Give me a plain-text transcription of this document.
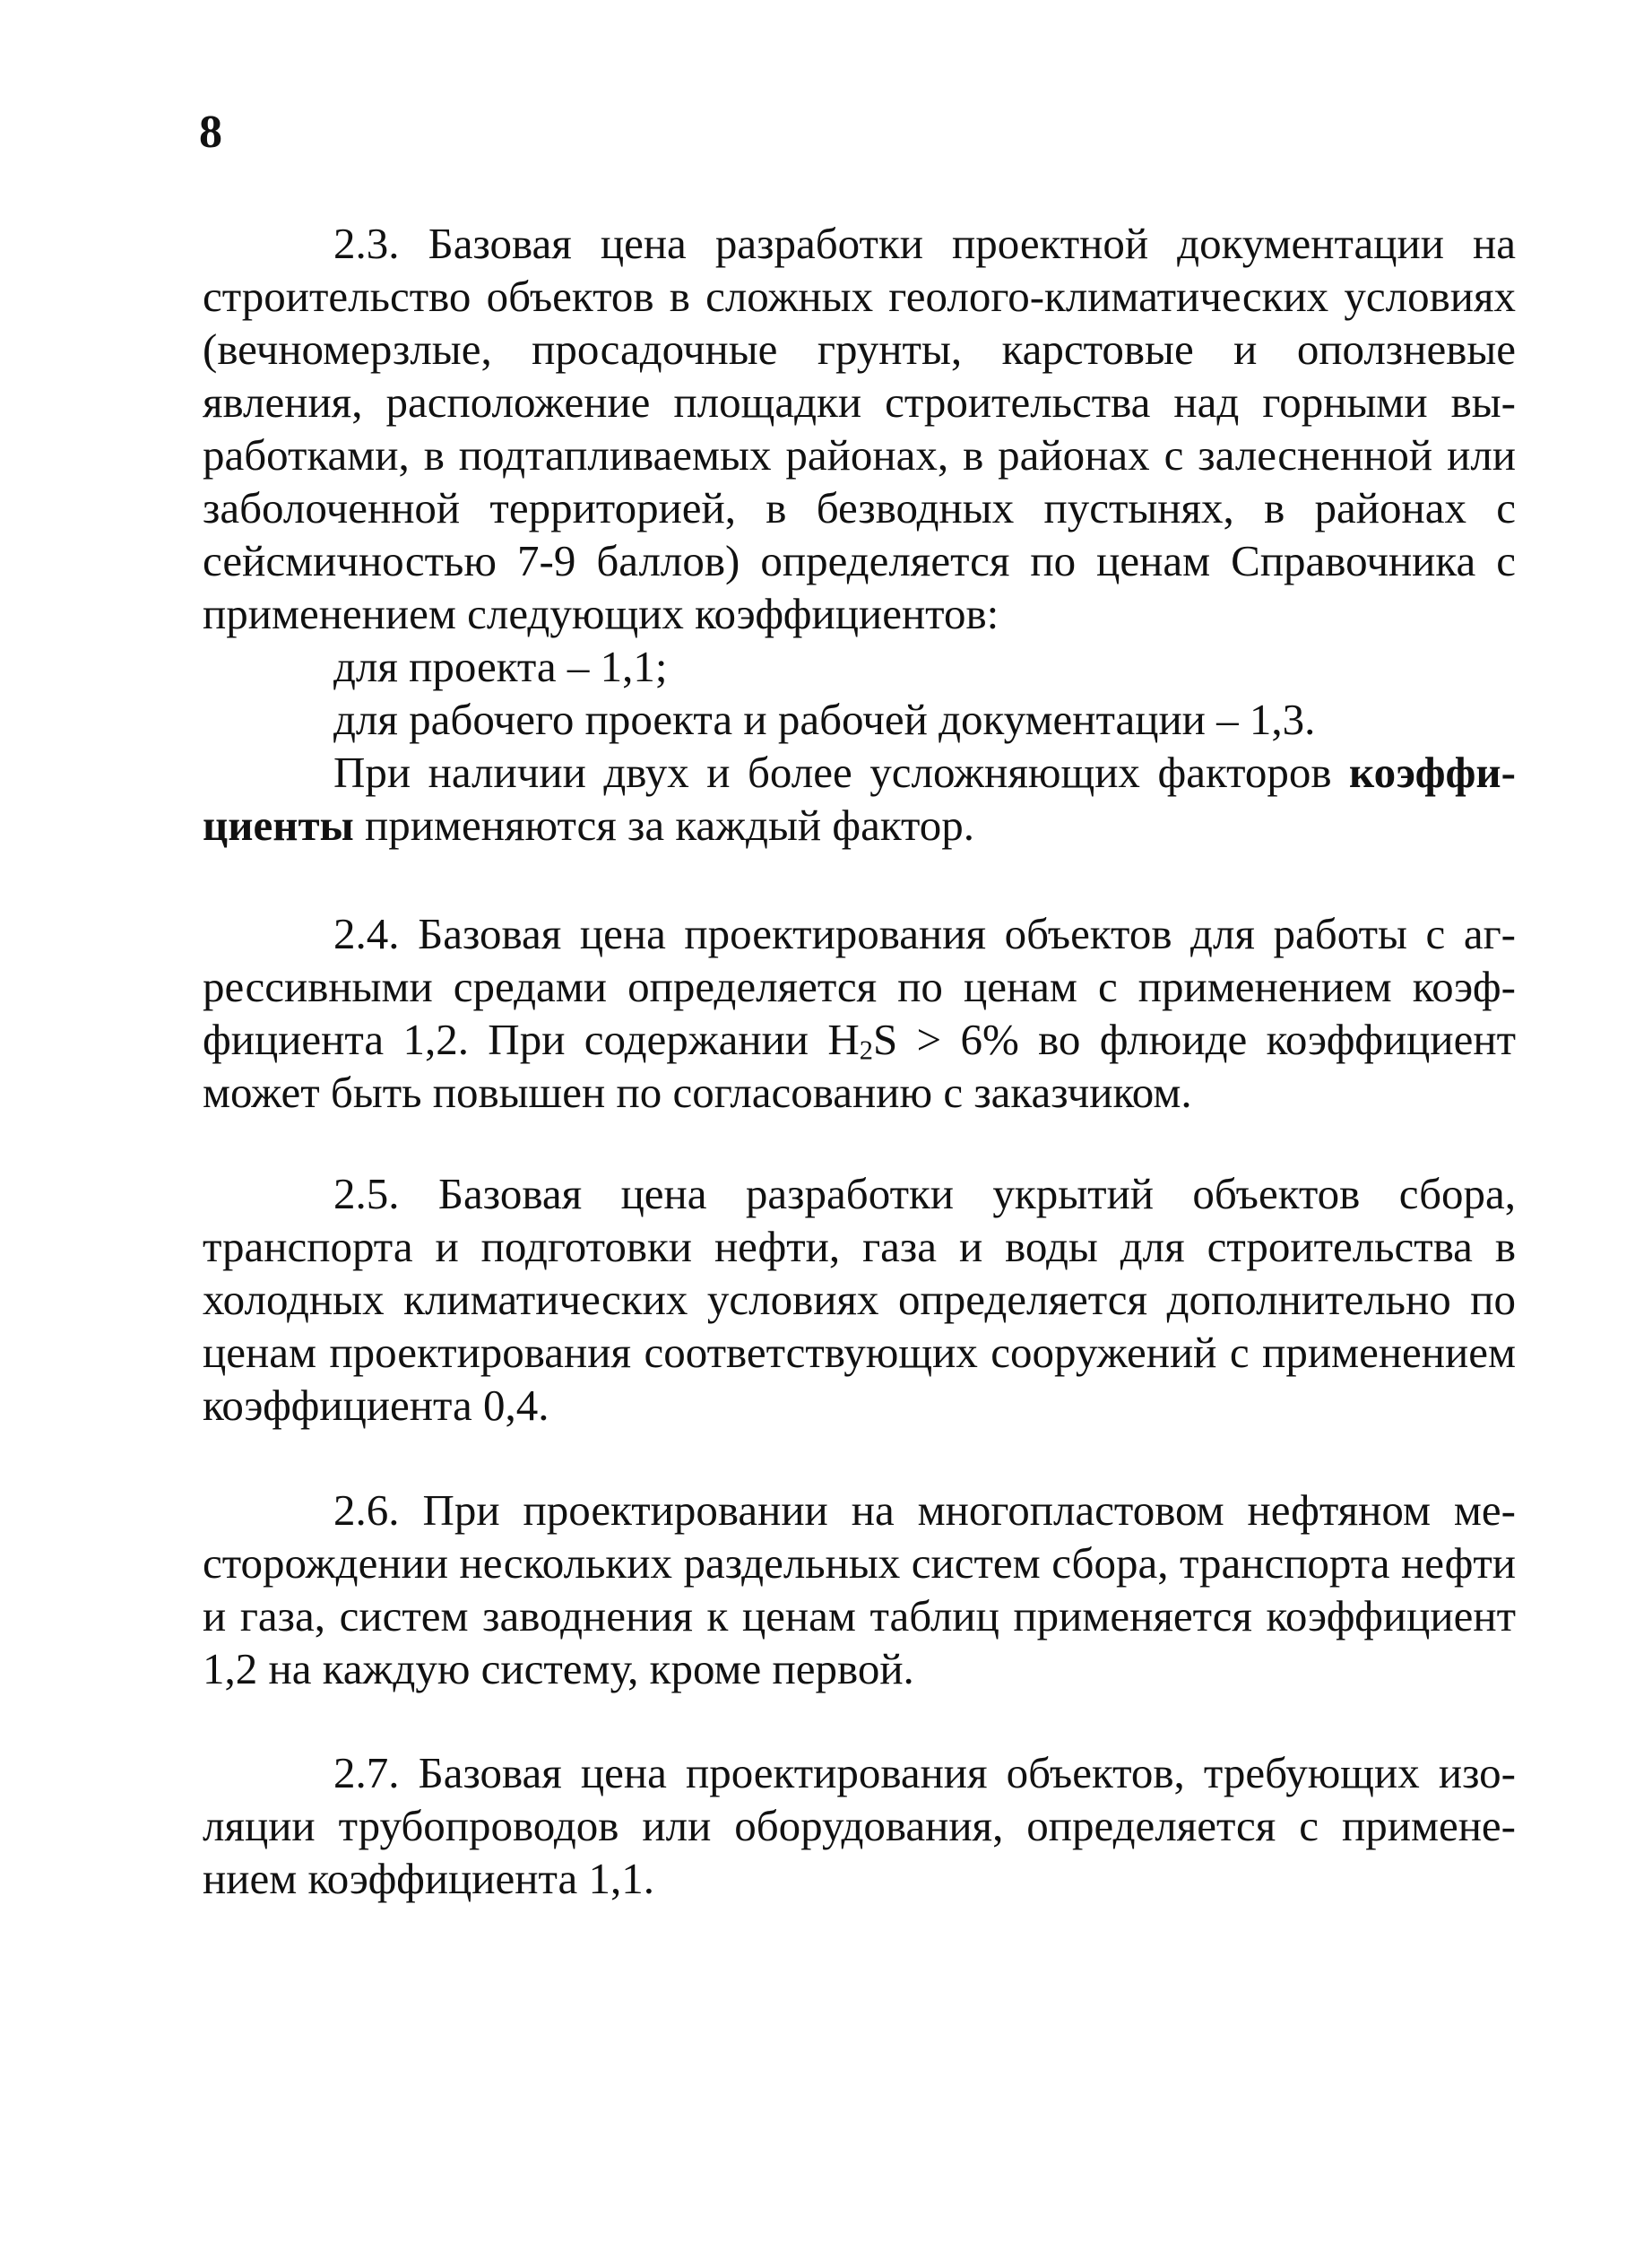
8

2.3. Базовая цена разработки проектной документации на строительство объектов в сложных геолого-климатических условиях (вечномерзлые, просадочные грунты, карстовые и оползневые явления, расположение площадки строительства над горными выработками, в подтапливаемых районах, в районах с залесненной или заболоченной территорией, в безводных пустынях, в районах с сейсмичностью 7-9 баллов) определяется по ценам Справочника с применением следующих коэффициентов:

для проекта – 1,1;
для рабочего проекта и рабочей документации – 1,3.

При наличии двух и более усложняющих факторов коэффициенты применяются за каждый фактор.

2.4. Базовая цена проектирования объектов для работы с агрессивными средами определяется по ценам с применением коэффициента 1,2. При содержании $H_2S > 6\%$ во флюиде коэффициент может быть повышен по согласованию с заказчиком.

2.5. Базовая цена разработки укрытий объектов сбора, транспорта и подготовки нефти, газа и воды для строительства в холодных климатических условиях определяется дополнительно по ценам проектирования соответствующих сооружений с применением коэффициента 0,4.

2.6. При проектировании на многопластовом нефтяном месторождении нескольких раздельных систем сбора, транспорта нефти и газа, систем заводнения к ценам таблиц применяется коэффициент 1,2 на каждую систему, кроме первой.

2.7. Базовая цена проектирования объектов, требующих изоляции трубопроводов или оборудования, определяется с применением коэффициента 1,1.
